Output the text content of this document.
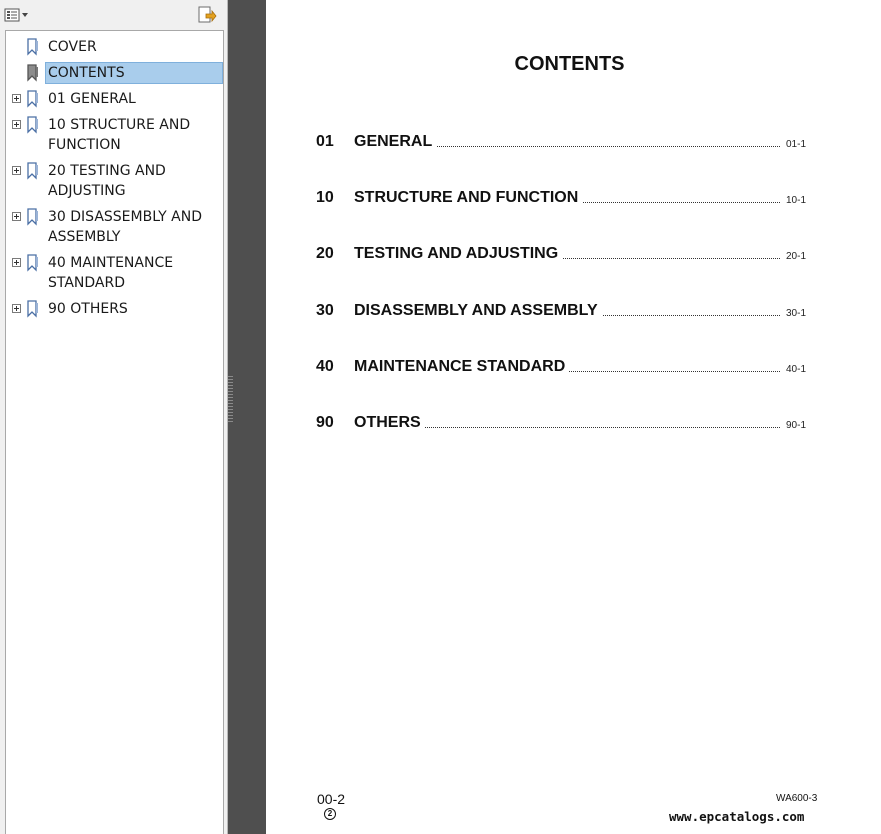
COVER
CONTENTS
01 GENERAL
10 STRUCTURE AND FUNCTION
20 TESTING AND ADJUSTING
30 DISASSEMBLY AND ASSEMBLY
40 MAINTENANCE STANDARD
90 OTHERS
CONTENTS
01 GENERAL	01-1
10 STRUCTURE AND FUNCTION	10-1
20 TESTING AND ADJUSTING	20-1
30 DISASSEMBLY AND ASSEMBLY	30-1
40 MAINTENANCE STANDARD	40-1
90 OTHERS	90-1
00-2
2
WA600-3
www.epcatalogs.com
